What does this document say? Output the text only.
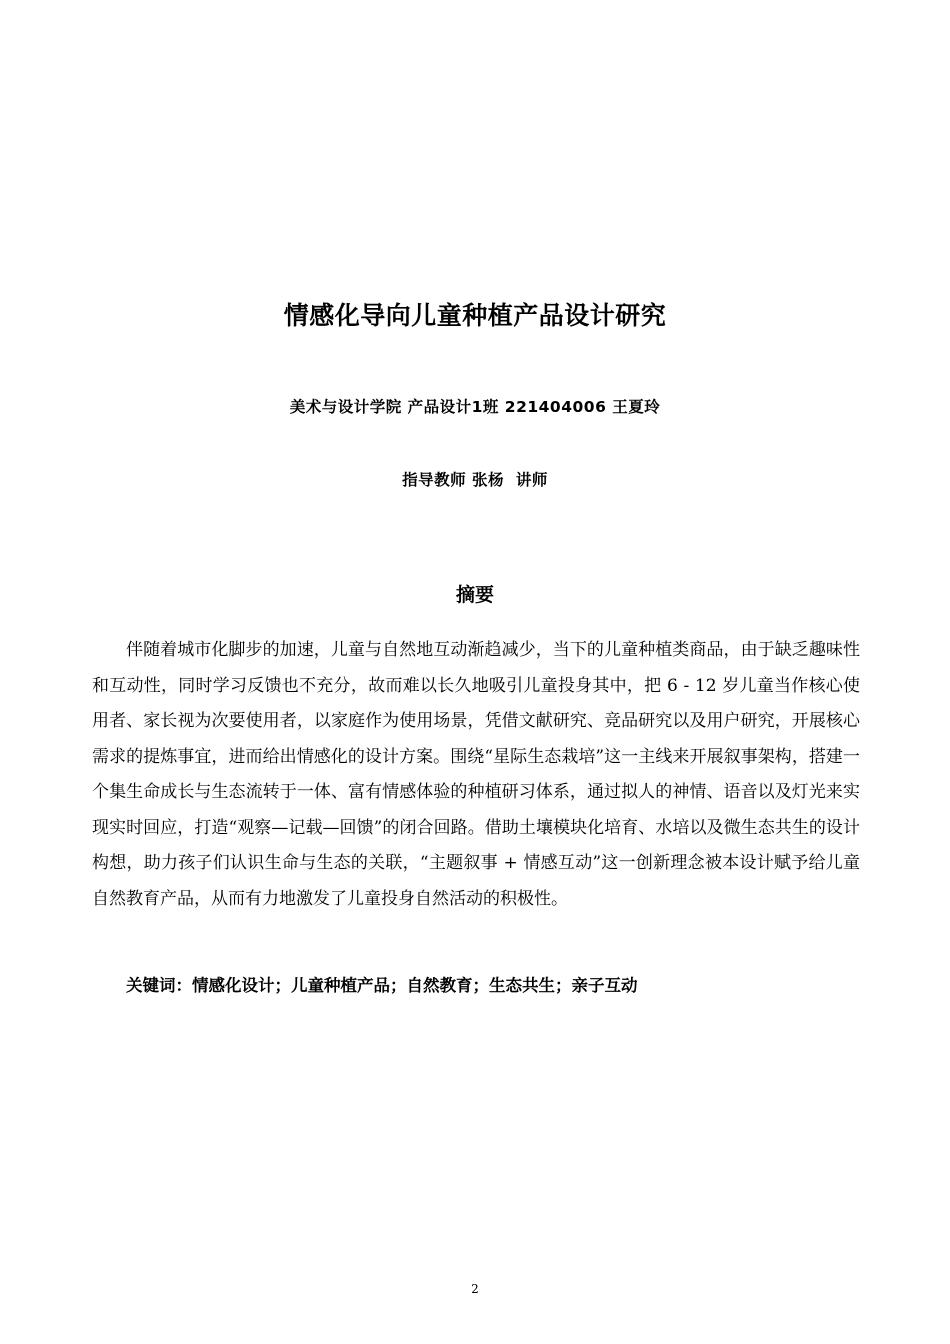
情感化导向儿童种植产品设计研究
美术与设计学院 产品设计1班 221404006 王夏玲
指导教师 张杨  讲师
摘要

伴随着城市化脚步的加速，儿童与自然地互动渐趋减少，当下的儿童种植类商品，由于缺乏趣味性和互动性，同时学习反馈也不充分，故而难以长久地吸引儿童投身其中，把 6 - 12 岁儿童当作核心使用者、家长视为次要使用者，以家庭作为使用场景，凭借文献研究、竞品研究以及用户研究，开展核心需求的提炼事宜，进而给出情感化的设计方案。围绕“星际生态栽培”这一主线来开展叙事架构，搭建一个集生命成长与生态流转于一体、富有情感体验的种植研习体系，通过拟人的神情、语音以及灯光来实现实时回应，打造“观察—记载—回馈”的闭合回路。借助土壤模块化培育、水培以及微生态共生的设计构想，助力孩子们认识生命与生态的关联，“主题叙事 + 情感互动”这一创新理念被本设计赋予给儿童自然教育产品，从而有力地激发了儿童投身自然活动的积极性。

关键词：情感化设计；儿童种植产品；自然教育；生态共生；亲子互动
2
